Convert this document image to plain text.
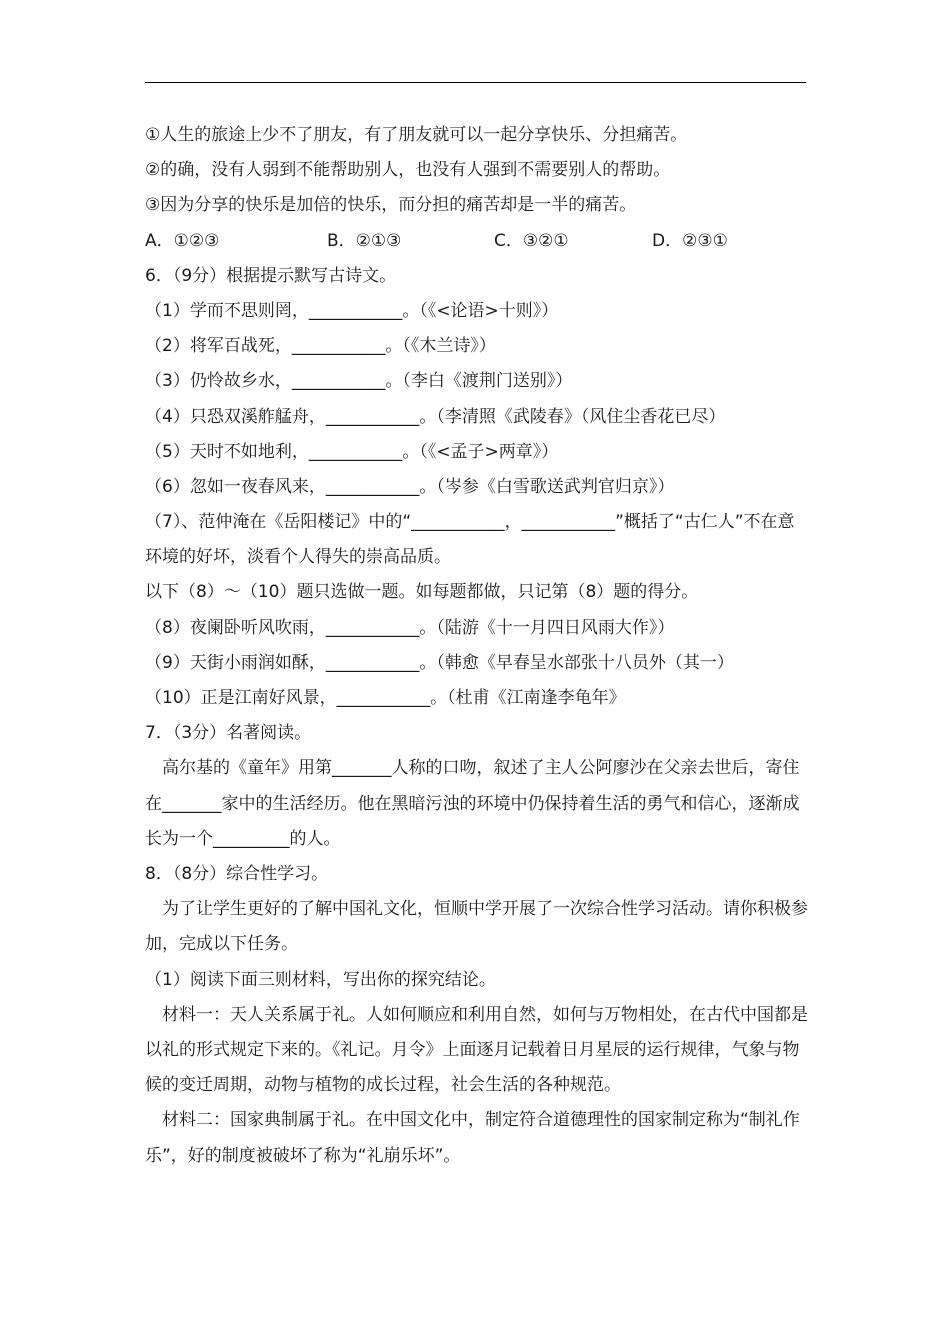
①人生的旅途上少不了朋友，有了朋友就可以一起分享快乐、分担痛苦。
②的确，没有人弱到不能帮助别人，也没有人强到不需要别人的帮助。
③因为分享的快乐是加倍的快乐，而分担的痛苦却是一半的痛苦。
A．①②③	B．②①③	C．③②①	D．②③①
6．（9分）根据提示默写古诗文。
（1）学而不思则罔，___________。（《<论语>十则》）
（2）将军百战死，___________。（《木兰诗》）
（3）仍怜故乡水，___________。（李白《渡荆门送别》）
（4）只恐双溪舴艋舟，___________。（李清照《武陵春》（风住尘香花已尽）
（5）天时不如地利，___________。（《<孟子>两章》）
（6）忽如一夜春风来，___________。（岑参《白雪歌送武判官归京》）
（7）、范仲淹在《岳阳楼记》中的“___________，___________”概括了“古仁人”不在意环境的好坏，淡看个人得失的崇高品质。
以下（8）～（10）题只选做一题。如每题都做，只记第（8）题的得分。
（8）夜阑卧听风吹雨，___________。（陆游《十一月四日风雨大作》）
（9）天街小雨润如酥，___________。（韩愈《早春呈水部张十八员外（其一）
（10）正是江南好风景，___________。（杜甫《江南逢李龟年》
7．（3分）名著阅读。
高尔基的《童年》用第_______人称的口吻，叙述了主人公阿廖沙在父亲去世后，寄住在_______家中的生活经历。他在黑暗污浊的环境中仍保持着生活的勇气和信心，逐渐成长为一个_________的人。
8．（8分）综合性学习。
为了让学生更好的了解中国礼文化，恒顺中学开展了一次综合性学习活动。请你积极参加，完成以下任务。
（1）阅读下面三则材料，写出你的探究结论。
材料一：天人关系属于礼。人如何顺应和利用自然，如何与万物相处，在古代中国都是以礼的形式规定下来的。《礼记。月令》上面逐月记载着日月星辰的运行规律，气象与物候的变迁周期，动物与植物的成长过程，社会生活的各种规范。
材料二：国家典制属于礼。在中国文化中，制定符合道德理性的国家制定称为“制礼作乐”，好的制度被破坏了称为“礼崩乐坏”。
